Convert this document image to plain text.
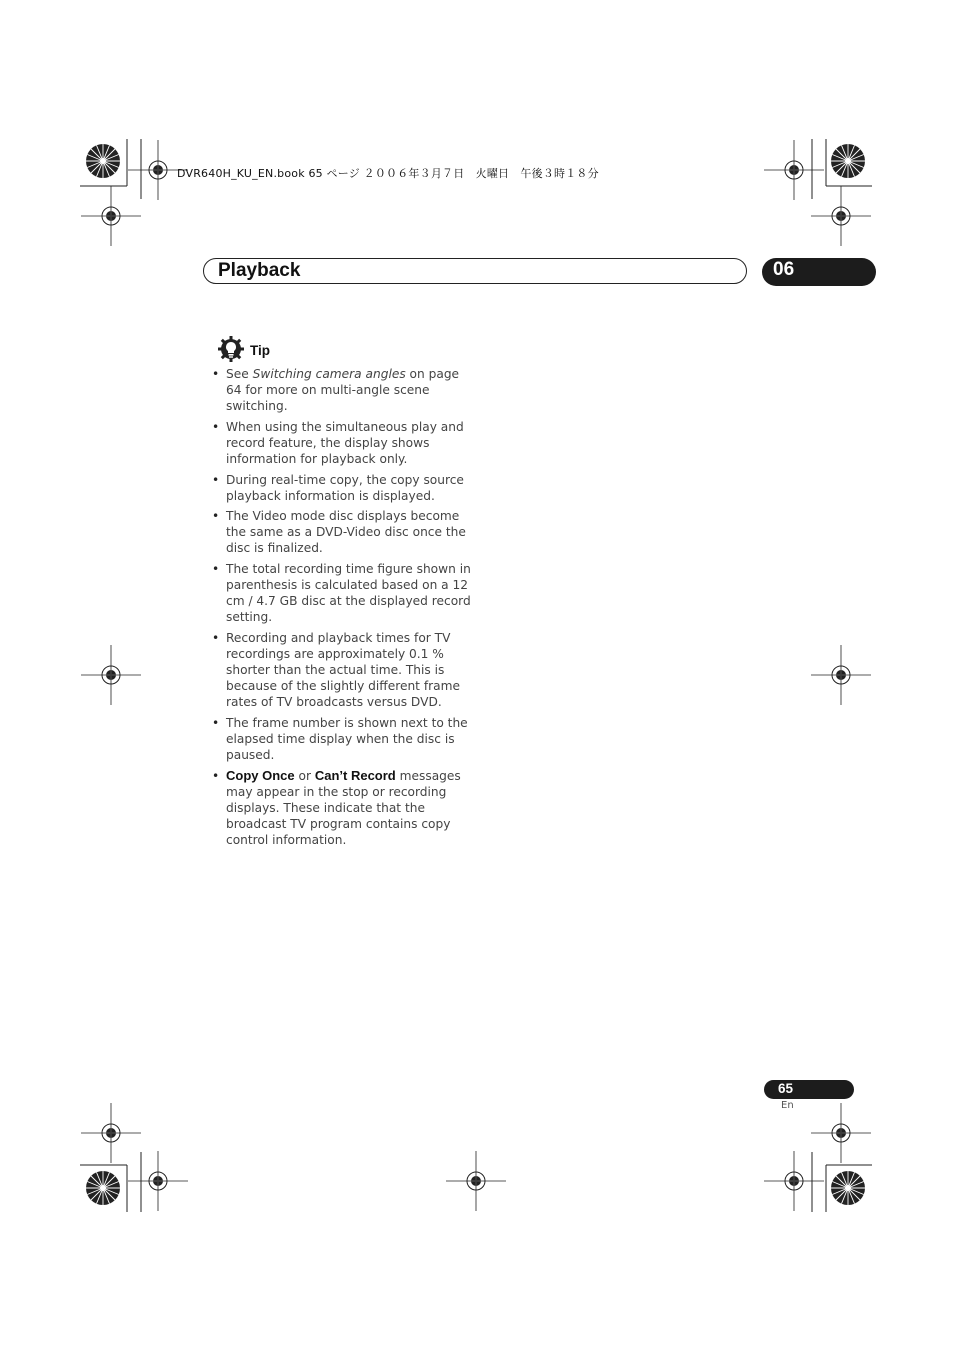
DVR640H_KU_EN.book 65 ページ ２００６年３月７日　火曜日　午後３時１８分
Playback	06
Tip
• See Switching camera angles on page 64 for more on multi-angle scene switching.
• When using the simultaneous play and record feature, the display shows information for playback only.
• During real-time copy, the copy source playback information is displayed.
• The Video mode disc displays become the same as a DVD-Video disc once the disc is finalized.
• The total recording time figure shown in parenthesis is calculated based on a 12 cm / 4.7 GB disc at the displayed record setting.
• Recording and playback times for TV recordings are approximately 0.1 % shorter than the actual time. This is because of the slightly different frame rates of TV broadcasts versus DVD.
• The frame number is shown next to the elapsed time display when the disc is paused.
• Copy Once or Can’t Record messages may appear in the stop or recording displays. These indicate that the broadcast TV program contains copy control information.
65
En
